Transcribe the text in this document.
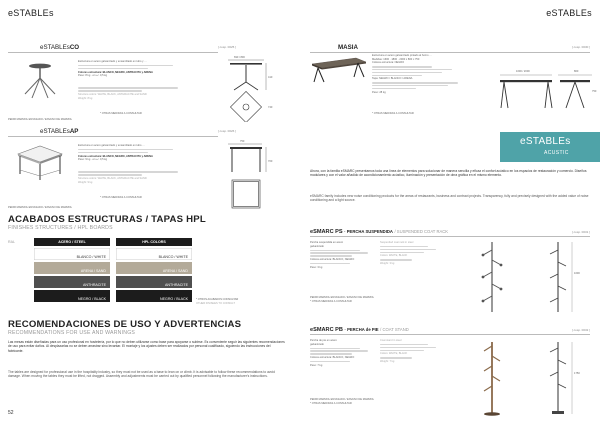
eSTABLEs
eSTABLEsCO	[ cosp. 0025 ]
Estructura en acero galvanizado y ensamblado en tubo y …
Colores estructura: BLANCO, NEGRO, ANTRACITA y ARENA
Peso: 8 kg · en +/- 0,5 kg
Structure colors: WHITE, BLACK, ANTHRACITE and SAND
Weight: 8 kg
* OTRAS MEDIDAS A CONSULTAR
690 / 800
410
740
PEDIR MARMOL ENVASADO / ENVASO DE MARMOL
eSTABLEsAP	[ cosp. 0026 ]
Estructura en acero galvanizado y ensamblado en tubo …
Colores estructura: BLANCO, NEGRO, ANTRACITA y ARENA
Peso: 9 kg · en +/- 0,5 kg
Structure colors: WHITE, BLACK, ANTHRACITE and SAND
Weight: 9 kg
* OTRAS MEDIDAS A CONSULTAR
750
700
PEDIR MARMOL ENVASADO / ENVASO DE MARMOL
ACABADOS ESTRUCTURAS / TAPAS HPL
FINISHES STRUCTURES / HPL BOARDS
RAL	ACERO / STEEL	HPL COLORS
BLANCO / WHITE	BLANCO / WHITE
ARENA / SAND	ARENA / SAND
ANTHRACITE	ANTHRACITE
NEGRO / BLACK	NEGRO / BLACK	* OTROS ACABADOS CONSULTAR
OTHER FINISHES TO CONSULT
RECOMENDACIONES DE USO Y ADVERTENCIAS
RECOMMENDATIONS FOR USE AND WARNINGS
Las mesas están diseñadas para un uso profesional en hostelería, por lo que no deben utilizarse como base para apoyarse o subirse. Es conveniente seguir las siguientes recomendaciones de uso para evitar daños. Al desplazarlas no se deben arrastrar sino levantar. El montaje y los ajustes deben ser realizados por personal cualificado, siguiendo las instrucciones del fabricante.
The tables are designed for professional use in the hospitality industry, so they must not be used as a base to lean on or climb. It is advisable to follow these recommendations to avoid damage. When moving the tables they must be lifted, not dragged. Assembly and adjustments must be carried out by qualified personnel following the manufacturer's instructions.
52
eSTABLEs
MASIA	[ cosp. 0030 ]
Estructura en acero galvanizado pintado al horno …
Medidas: 1600 · 1800 · 2000 x 800 x 750
Colores estructura: NEGRO
Tapa: NEGRO / BLANCO / ARENA
Peso: 28 kg
* OTRAS MEDIDAS A CONSULTAR
1600 / 2000	800
750
eSTABLEs
ACUSTIC
Ahora, con la familia eSMARC presentamos toda una línea de elementos para solucionar de manera sencilla y eficaz el confort acústico en los espacios de restauración y comercio. Diseños modulares y con el valor añadido de acondicionamiento acústico, iluminación y presentación de obra gráfica en el mismo elemento.
eSMARC family includes new noise conditioning products for the areas of restaurants, business and contract projects. Transparency, fully and precisely designed with the added value of noise conditioning and a light source.
eSMARC PS · PERCHA SUSPENDIDA / SUSPENDED COAT RACK	[ cosp. 0031 ]
Percha suspendida en acero
galvanizado
Colores estructura: BLANCO, NEGRO
Peso: 3 kg
Suspended coat rack in steel
Colors: WHITE, BLACK
Weight: 3 kg
PEDIR MARMOL ENVASADO / ENVASO DE MARMOL
* OTRAS MEDIDAS A CONSULTAR
1600
eSMARC PB · PERCHA de PIE / COAT STAND	[ cosp. 0032 ]
Percha de pie en acero
galvanizado
Colores estructura: BLANCO, NEGRO
Peso: 7 kg
Coat stand in steel
Colors: WHITE, BLACK
Weight: 7 kg
PEDIR MARMOL ENVASADO / ENVASO DE MARMOL
* OTRAS MEDIDAS A CONSULTAR
1750
